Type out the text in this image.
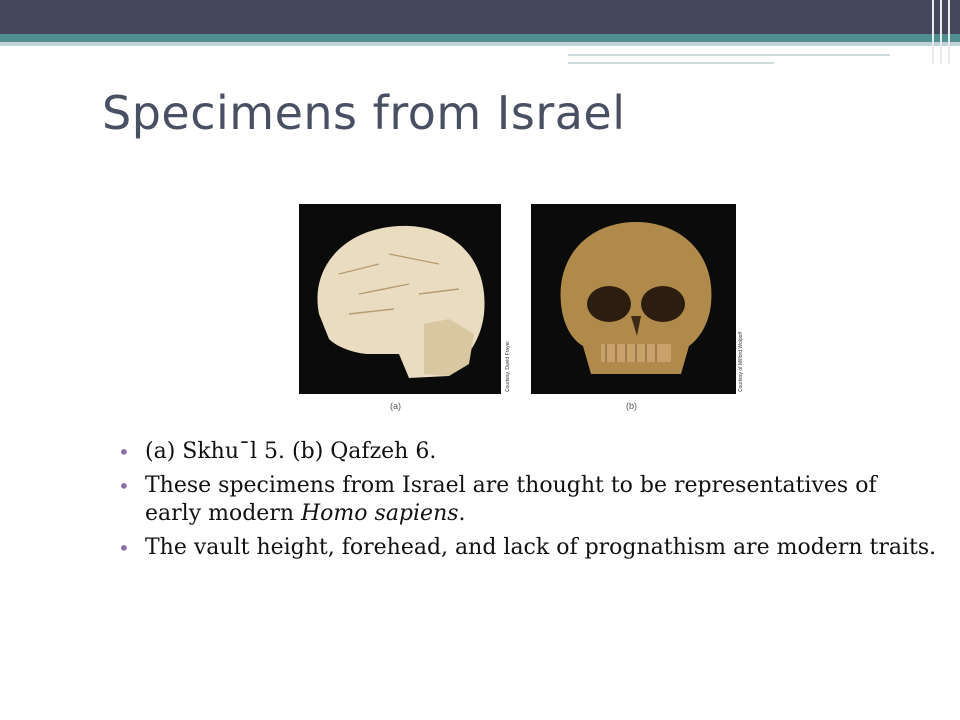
Specimens from Israel
Courtesy, David Frayer
(a)
Courtesy of Milford Wolpoff
(b)
• (a) Skhu¯l 5. (b) Qafzeh 6.
• These specimens from Israel are thought to be representatives of early modern Homo sapiens.
• The vault height, forehead, and lack of prognathism are modern traits.
